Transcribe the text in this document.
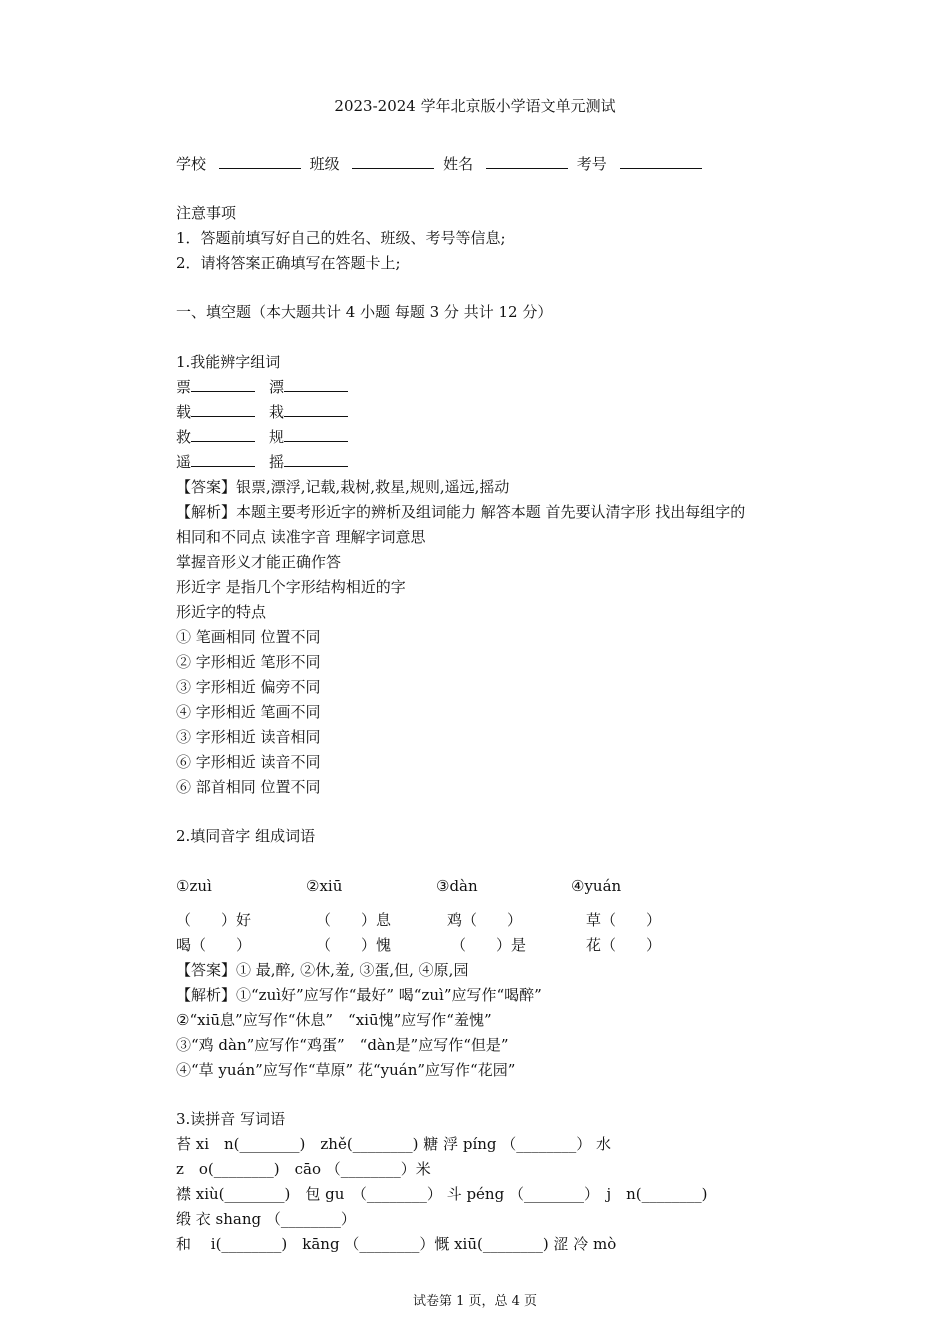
2023-2024 学年北京版小学语文单元测试
学校	班级	姓名	考号
注意事项
1．答题前填写好自己的姓名、班级、考号等信息;
2．请将答案正确填写在答题卡上;
一、填空题（本大题共计 4 小题 每题 3 分 共计 12 分）
1.我能辨字组词
票	漂
载	栽
救	规
遥	摇
【答案】银票,漂浮,记载,栽树,救星,规则,遥远,摇动
【解析】本题主要考形近字的辨析及组词能力 解答本题 首先要认清字形 找出每组字的
相同和不同点 读准字音 理解字词意思
掌握音形义才能正确作答
形近字 是指几个字形结构相近的字
形近字的特点
① 笔画相同 位置不同
② 字形相近 笔形不同
③ 字形相近 偏旁不同
④ 字形相近 笔画不同
③ 字形相近 读音相同
⑥ 字形相近 读音不同
⑥ 部首相同 位置不同
2.填同音字 组成词语
①zuì	②xiū	③dàn	④yuán
（　　）好	（　　）息	鸡（　　）	草（　　）
喝（　　）	（　　）愧	（　　）是	花（　　）
【答案】① 最,醉, ②休,羞, ③蛋,但, ④原,园
【解析】①“zuì好”应写作“最好” 喝“zuì”应写作“喝醉”
②“xiū息”应写作“休息”　“xiū愧”应写作“羞愧”
③“鸡 dàn”应写作“鸡蛋”　“dàn是”应写作“但是”
④“草 yuán”应写作“草原” 花“yuán”应写作“花园”
3.读拼音 写词语
苔 xi　n(________)　zhě(________) 糖 浮 píng （________） 水
z　o(________)　cāo （________）米
襟 xiù(________)　包 gu　（________） 斗 péng （________）　j　n(________)
缎 衣 shang （________）
和　 i(________)　kāng （________）慨 xiū(________) 涩 冷 mò
试卷第 1 页，总 4 页
